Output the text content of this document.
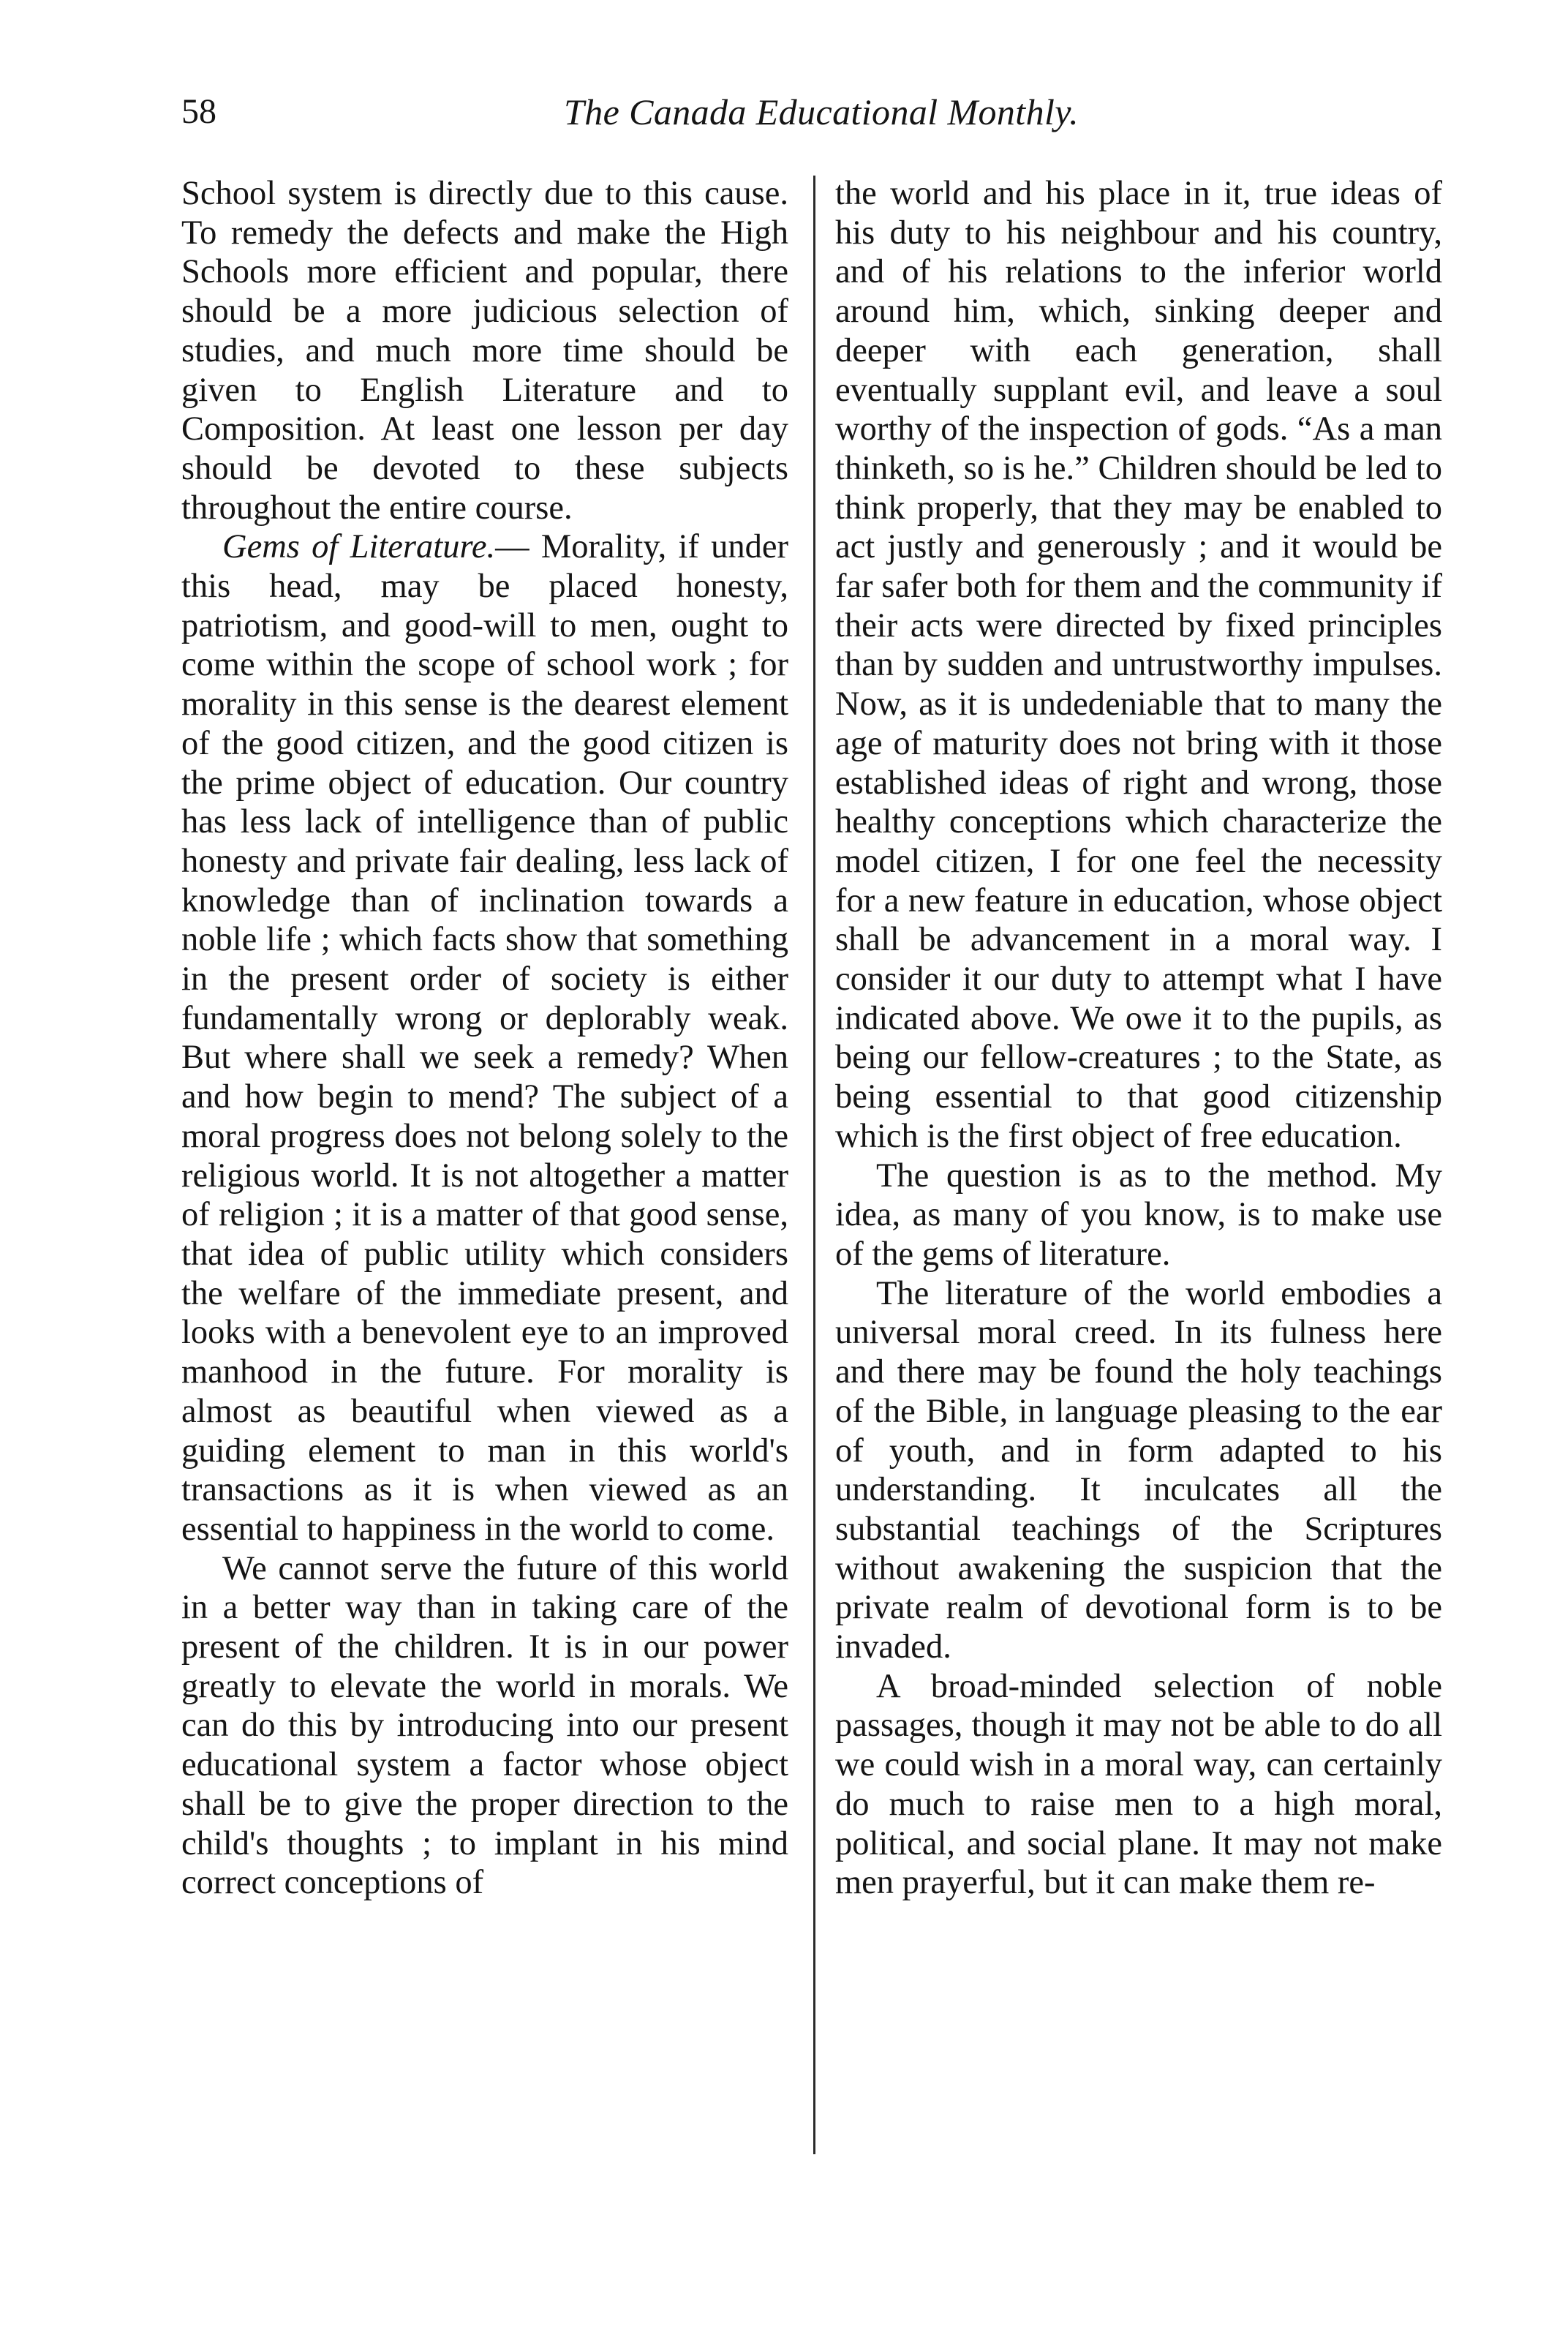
58	The Canada Educational Monthly.

School system is directly due to this cause. To remedy the defects and make the High Schools more efficient and popular, there should be a more judicious selection of studies, and much more time should be given to English Literature and to Composition. At least one lesson per day should be devoted to these subjects throughout the entire course.

Gems of Literature.— Morality, if under this head, may be placed honesty, patriotism, and good-will to men, ought to come within the scope of school work ; for morality in this sense is the dearest element of the good citizen, and the good citizen is the prime object of education. Our country has less lack of intelligence than of public honesty and private fair dealing, less lack of knowledge than of inclination towards a noble life ; which facts show that something in the present order of society is either fundamentally wrong or deplorably weak. But where shall we seek a remedy? When and how begin to mend? The subject of a moral progress does not belong solely to the religious world. It is not altogether a matter of religion ; it is a matter of that good sense, that idea of public utility which considers the welfare of the immediate present, and looks with a benevolent eye to an improved manhood in the future. For morality is almost as beautiful when viewed as a guiding element to man in this world's transactions as it is when viewed as an essential to happiness in the world to come.

We cannot serve the future of this world in a better way than in taking care of the present of the children. It is in our power greatly to elevate the world in morals. We can do this by introducing into our present educational system a factor whose object shall be to give the proper direction to the child's thoughts ; to implant in his mind correct conceptions of

the world and his place in it, true ideas of his duty to his neighbour and his country, and of his relations to the inferior world around him, which, sinking deeper and deeper with each generation, shall eventually supplant evil, and leave a soul worthy of the inspection of gods. “As a man thinketh, so is he.” Children should be led to think properly, that they may be enabled to act justly and generously ; and it would be far safer both for them and the community if their acts were directed by fixed principles than by sudden and untrustworthy impulses. Now, as it is undedeniable that to many the age of maturity does not bring with it those established ideas of right and wrong, those healthy conceptions which characterize the model citizen, I for one feel the necessity for a new feature in education, whose object shall be advancement in a moral way. I consider it our duty to attempt what I have indicated above. We owe it to the pupils, as being our fellow-creatures ; to the State, as being essential to that good citizenship which is the first object of free education.

The question is as to the method. My idea, as many of you know, is to make use of the gems of literature.

The literature of the world embodies a universal moral creed. In its fulness here and there may be found the holy teachings of the Bible, in language pleasing to the ear of youth, and in form adapted to his understanding. It inculcates all the substantial teachings of the Scriptures without awakening the suspicion that the private realm of devotional form is to be invaded.

A broad-minded selection of noble passages, though it may not be able to do all we could wish in a moral way, can certainly do much to raise men to a high moral, political, and social plane. It may not make men prayerful, but it can make them re-
